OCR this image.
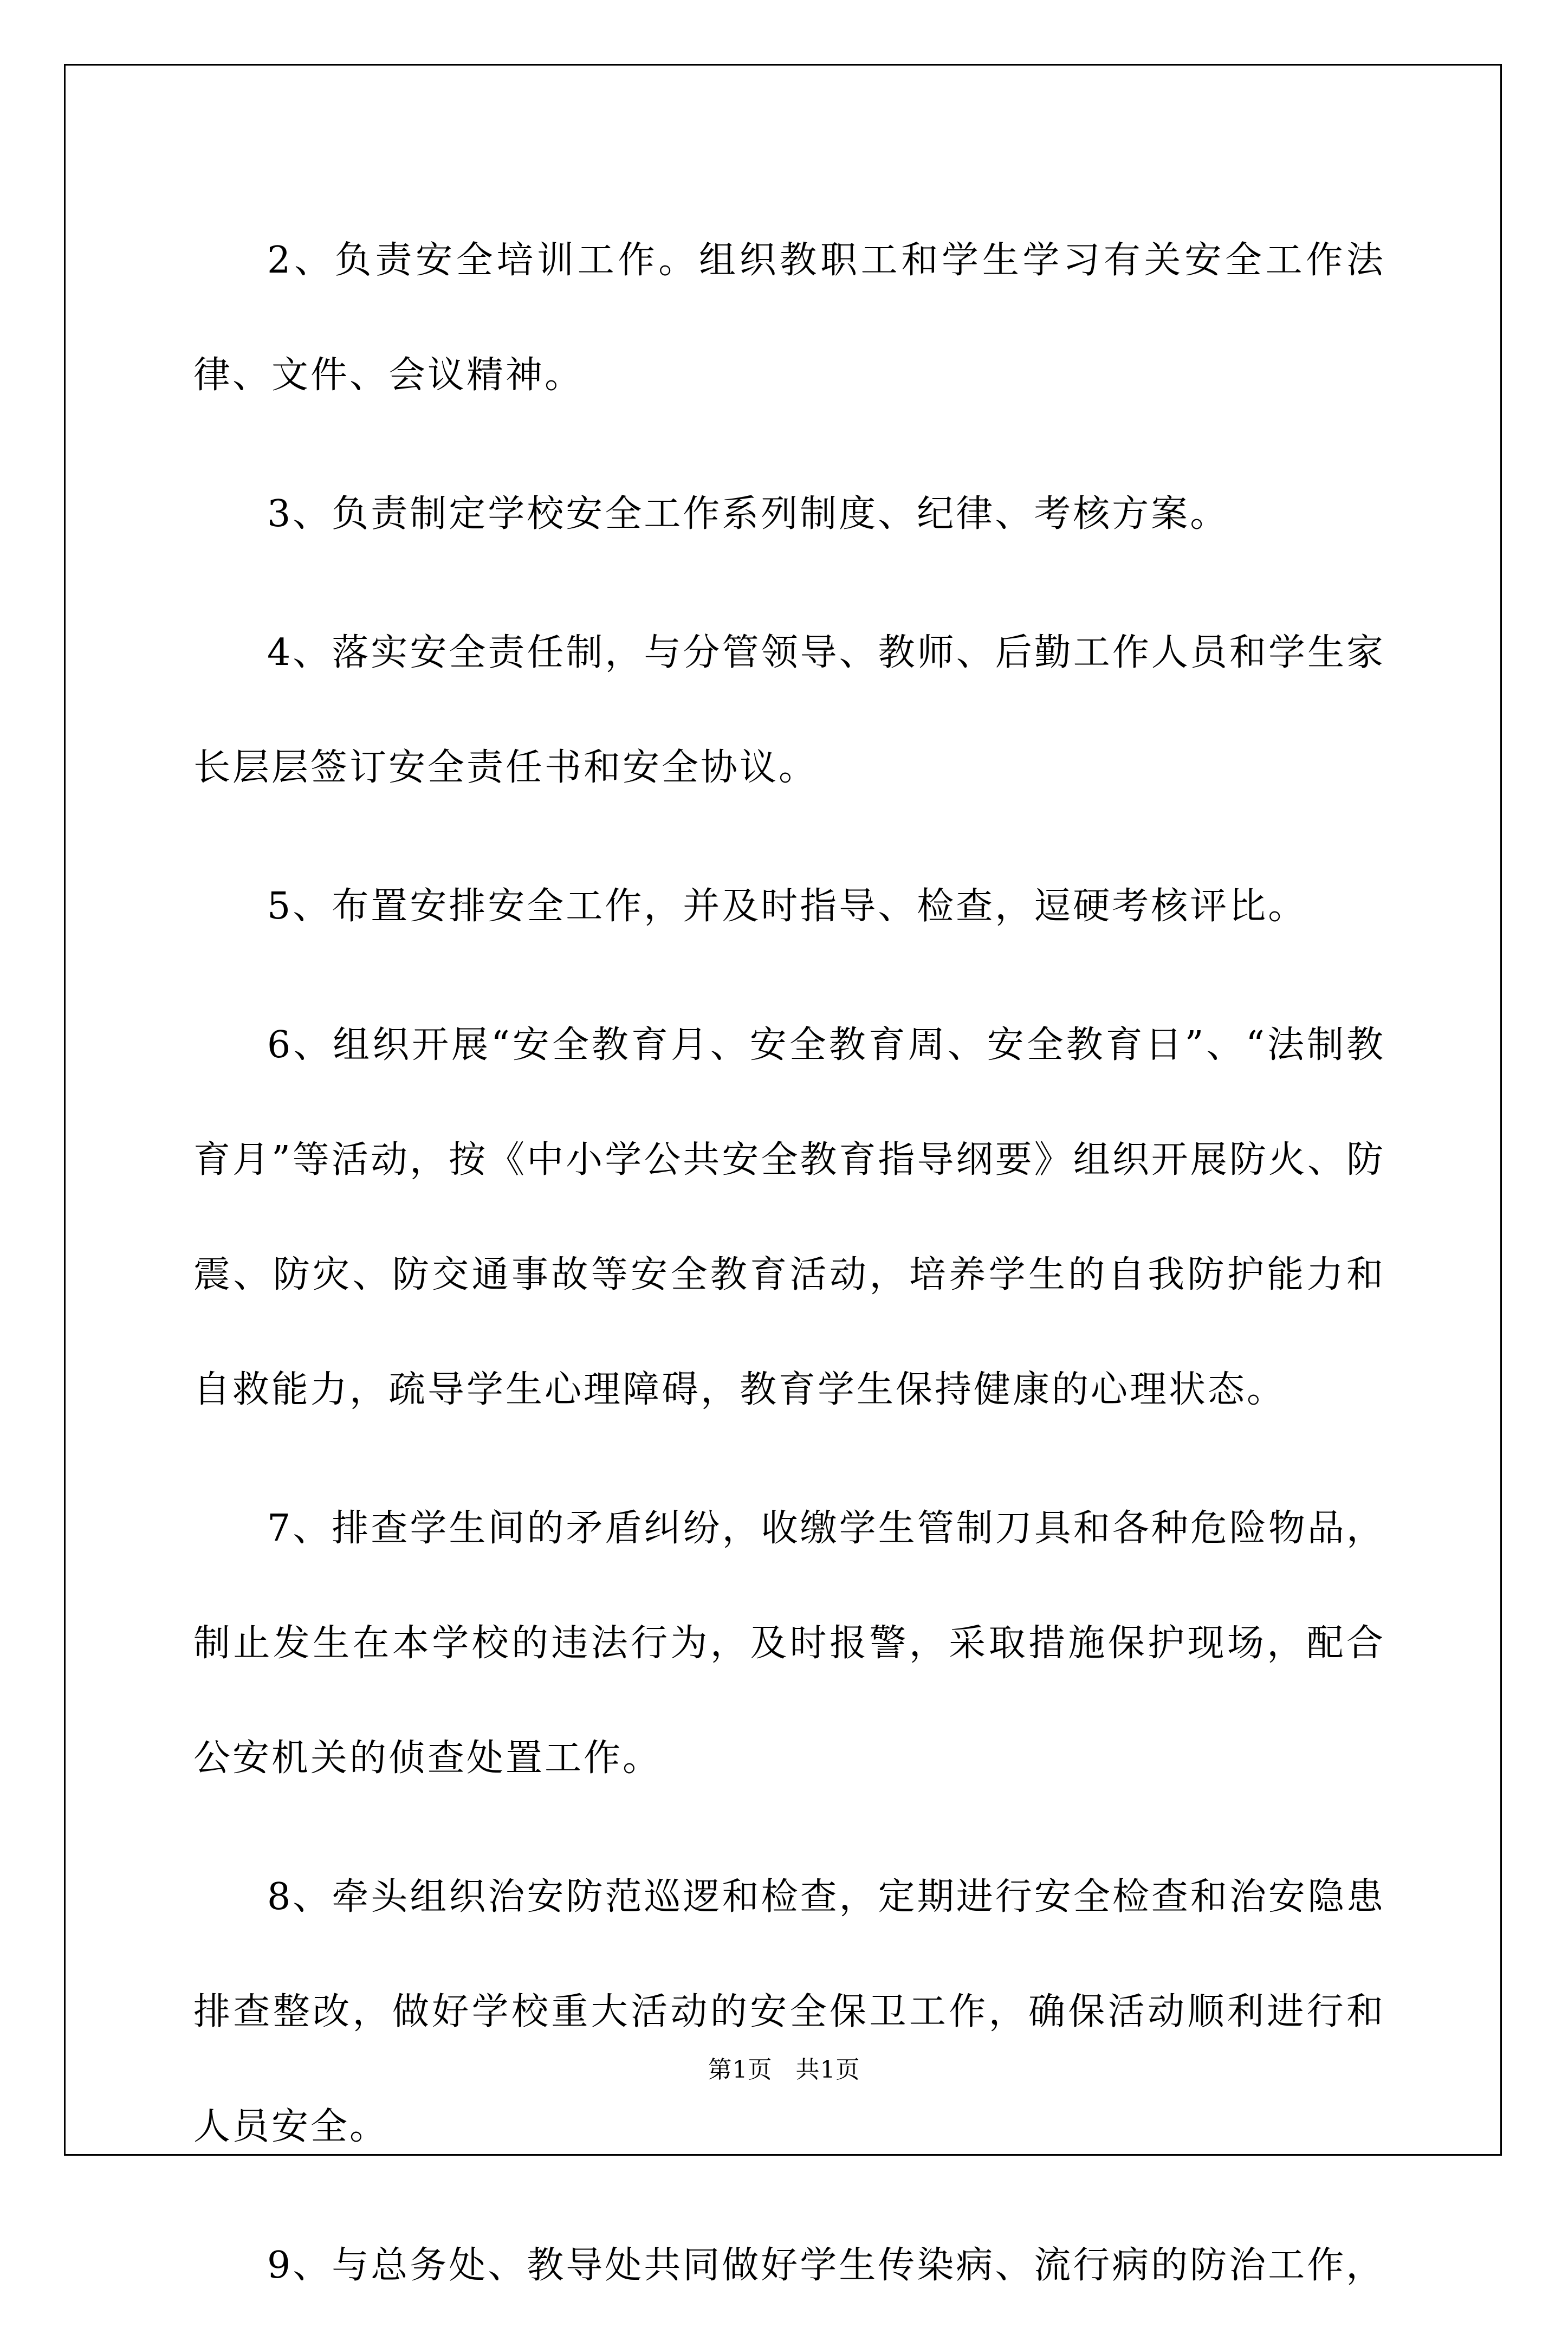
2、负责安全培训工作。组织教职工和学生学习有关安全工作法律、文件、会议精神。

3、负责制定学校安全工作系列制度、纪律、考核方案。

4、落实安全责任制，与分管领导、教师、后勤工作人员和学生家长层层签订安全责任书和安全协议。

5、布置安排安全工作，并及时指导、检查，逗硬考核评比。

6、组织开展“安全教育月、安全教育周、安全教育日”、“法制教育月”等活动，按《中小学公共安全教育指导纲要》组织开展防火、防震、防灾、防交通事故等安全教育活动，培养学生的自我防护能力和自救能力，疏导学生心理障碍，教育学生保持健康的心理状态。

7、排查学生间的矛盾纠纷，收缴学生管制刀具和各种危险物品，制止发生在本学校的违法行为，及时报警，采取措施保护现场，配合公安机关的侦查处置工作。

8、牵头组织治安防范巡逻和检查，定期进行安全检查和治安隐患排查整改，做好学校重大活动的安全保卫工作，确保活动顺利进行和人员安全。

9、与总务处、教导处共同做好学生传染病、流行病的防治工作，

第1页 共1页
